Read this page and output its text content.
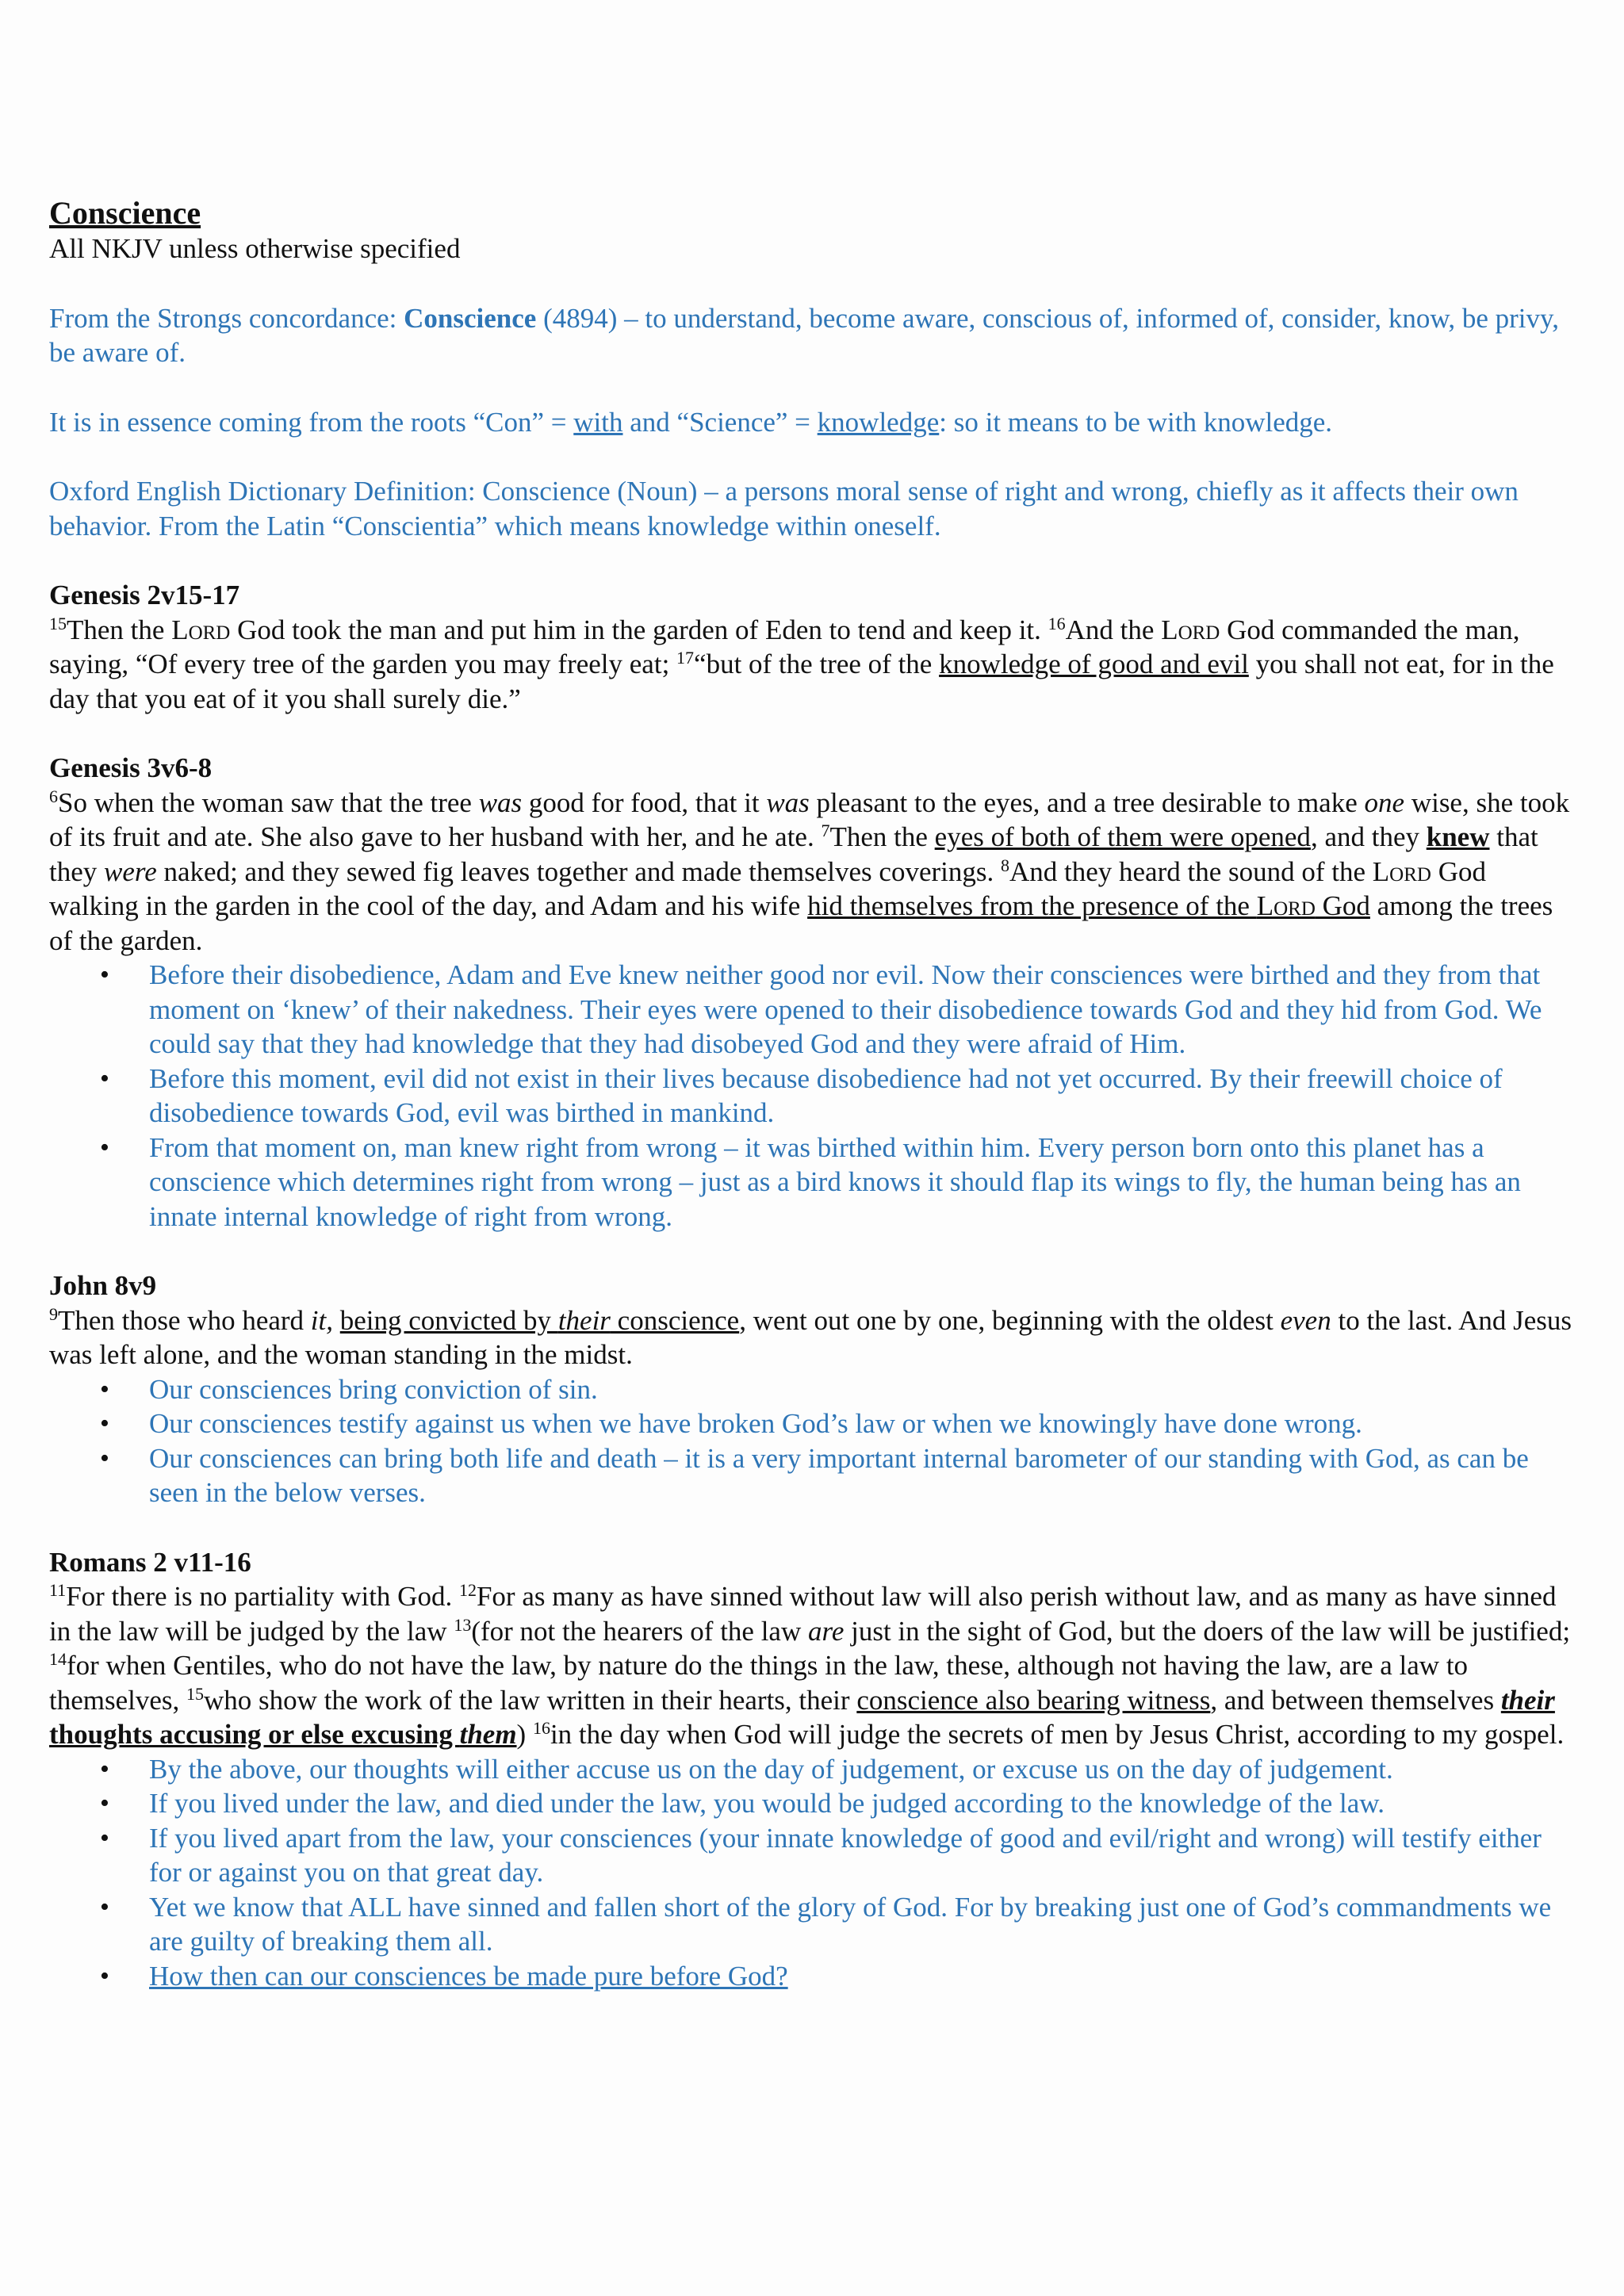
Conscience

All NKJV unless otherwise specified

From the Strongs concordance: Conscience (4894) – to understand, become aware, conscious of, informed of, consider, know, be privy, be aware of.

It is in essence coming from the roots “Con” = with and “Science” = knowledge: so it means to be with knowledge.

Oxford English Dictionary Definition: Conscience (Noun) – a persons moral sense of right and wrong, chiefly as it affects their own behavior. From the Latin “Conscientia” which means knowledge within oneself.

Genesis 2v15-17

$^{15}$Then the Lord God took the man and put him in the garden of Eden to tend and keep it. $^{16}$And the Lord God commanded the man, saying, “Of every tree of the garden you may freely eat; $^{17}$“but of the tree of the knowledge of good and evil you shall not eat, for in the day that you eat of it you shall surely die.”

Genesis 3v6-8

$^6$So when the woman saw that the tree was good for food, that it was pleasant to the eyes, and a tree desirable to make one wise, she took of its fruit and ate. She also gave to her husband with her, and he ate. $^7$Then the eyes of both of them were opened, and they knew that they were naked; and they sewed fig leaves together and made themselves coverings. $^8$And they heard the sound of the Lord God walking in the garden in the cool of the day, and Adam and his wife hid themselves from the presence of the Lord God among the trees of the garden.

• Before their disobedience, Adam and Eve knew neither good nor evil. Now their consciences were birthed and they from that moment on ‘knew’ of their nakedness. Their eyes were opened to their disobedience towards God and they hid from God. We could say that they had knowledge that they had disobeyed God and they were afraid of Him.
• Before this moment, evil did not exist in their lives because disobedience had not yet occurred. By their freewill choice of disobedience towards God, evil was birthed in mankind.
• From that moment on, man knew right from wrong – it was birthed within him. Every person born onto this planet has a conscience which determines right from wrong – just as a bird knows it should flap its wings to fly, the human being has an innate internal knowledge of right from wrong.
John 8v9

$^9$Then those who heard it, being convicted by their conscience, went out one by one, beginning with the oldest even to the last. And Jesus was left alone, and the woman standing in the midst.

• Our consciences bring conviction of sin.
• Our consciences testify against us when we have broken God’s law or when we knowingly have done wrong.
• Our consciences can bring both life and death – it is a very important internal barometer of our standing with God, as can be seen in the below verses.
Romans 2 v11-16

$^{11}$For there is no partiality with God. $^{12}$For as many as have sinned without law will also perish without law, and as many as have sinned in the law will be judged by the law $^{13}$(for not the hearers of the law are just in the sight of God, but the doers of the law will be justified; $^{14}$for when Gentiles, who do not have the law, by nature do the things in the law, these, although not having the law, are a law to themselves, $^{15}$who show the work of the law written in their hearts, their conscience also bearing witness, and between themselves their thoughts accusing or else excusing them) $^{16}$in the day when God will judge the secrets of men by Jesus Christ, according to my gospel.

• By the above, our thoughts will either accuse us on the day of judgement, or excuse us on the day of judgement.
• If you lived under the law, and died under the law, you would be judged according to the knowledge of the law.
• If you lived apart from the law, your consciences (your innate knowledge of good and evil/right and wrong) will testify either for or against you on that great day.
• Yet we know that ALL have sinned and fallen short of the glory of God. For by breaking just one of God’s commandments we are guilty of breaking them all.
• How then can our consciences be made pure before God?
